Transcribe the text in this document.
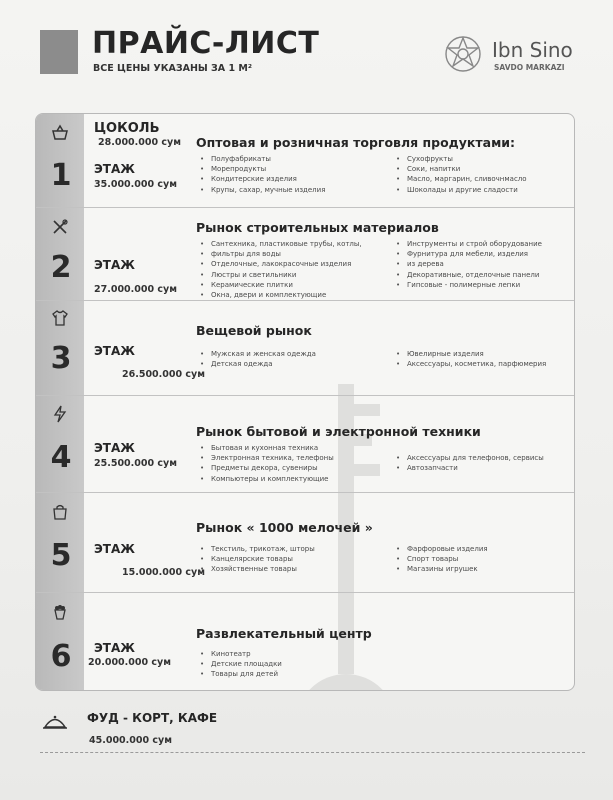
ПРАЙС-ЛИСТ
ВСЕ ЦЕНЫ УКАЗАНЫ ЗА 1 М²
Ibn Sino
SAVDO MARKAZI
1
ЦОКОЛЬ
28.000.000 сум
ЭТАЖ
35.000.000 сум
Оптовая и розничная торговля продуктами:
• Полуфабрикаты
• Морепродукты
• Кондитерские изделия
• Крупы, сахар, мучные изделия
• Сухофрукты
• Соки, напитки
• Масло, маргарин, сливочнмасло
• Шоколады и другие сладости
2	ЭТАЖ
27.000.000 сум
Рынок строительных материалов
• Сантехника, пластиковые трубы, котлы,
• фильтры для воды
• Отделочные, лакокрасочные изделия
• Люстры и светильники
• Керамические плитки
• Окна, двери и комплектующие
• Инструменты и строй оборудование
• Фурнитура для мебели, изделия
• из дерева
• Декоративные, отделочные панели
• Гипсовые - полимерные лепки
3	ЭТАЖ
26.500.000 сум
Вещевой рынок
• Мужская и женская одежда
• Детская одежда
• Ювелирные изделия
• Аксессуары, косметика, парфюмерия
4	ЭТАЖ
25.500.000 сум
Рынок бытовой и электронной техники
• Бытовая и кухонная техника
• Электронная техника, телефоны
• Предметы декора, сувениры
• Компьютеры и комплектующие
• Аксессуары для телефонов, сервисы
• Автозапчасти
5	ЭТАЖ
15.000.000 сум
Рынок « 1000 мелочей »
• Текстиль, трикотаж, шторы
• Канцелярские товары
• Хозяйственные товары
• Фарфоровые изделия
• Спорт товары
• Магазины игрушек
6	ЭТАЖ
20.000.000 сум
Развлекательный центр
• Кинотеатр
• Детские площадки
• Товары для детей
ФУД - КОРТ, КАФЕ
45.000.000 сум
